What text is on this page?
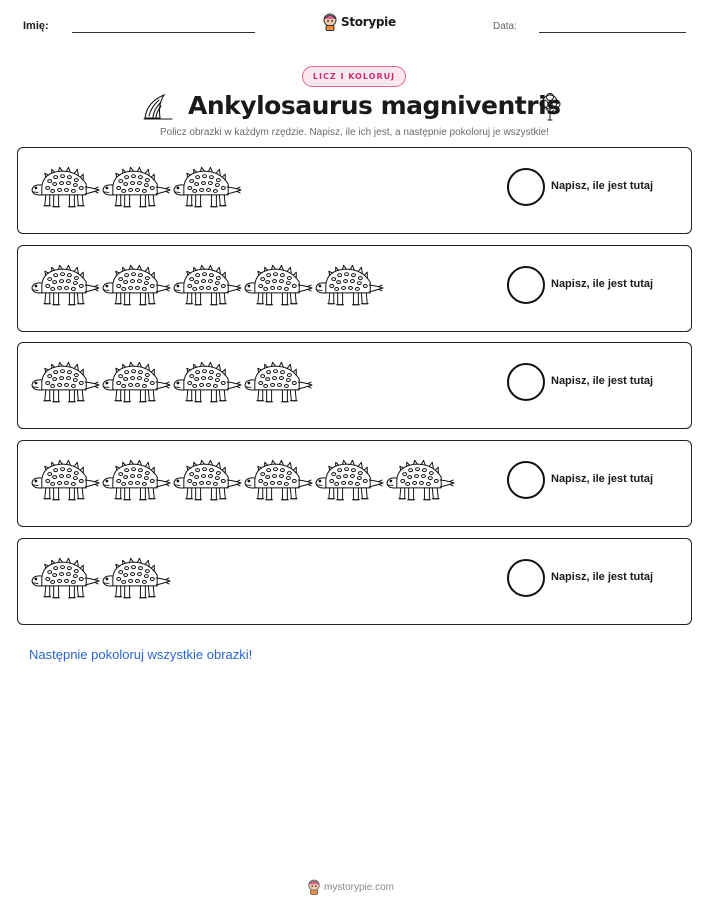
Imię:	Storypie	Data:
LICZ I KOLORUJ
Ankylosaurus magniventris
Policz obrazki w każdym rzędzie. Napisz, ile ich jest, a następnie pokoloruj je wszystkie!
Napisz, ile jest tutaj
Napisz, ile jest tutaj
Napisz, ile jest tutaj
Napisz, ile jest tutaj
Napisz, ile jest tutaj
Następnie pokoloruj wszystkie obrazki!
mystorypie.com
